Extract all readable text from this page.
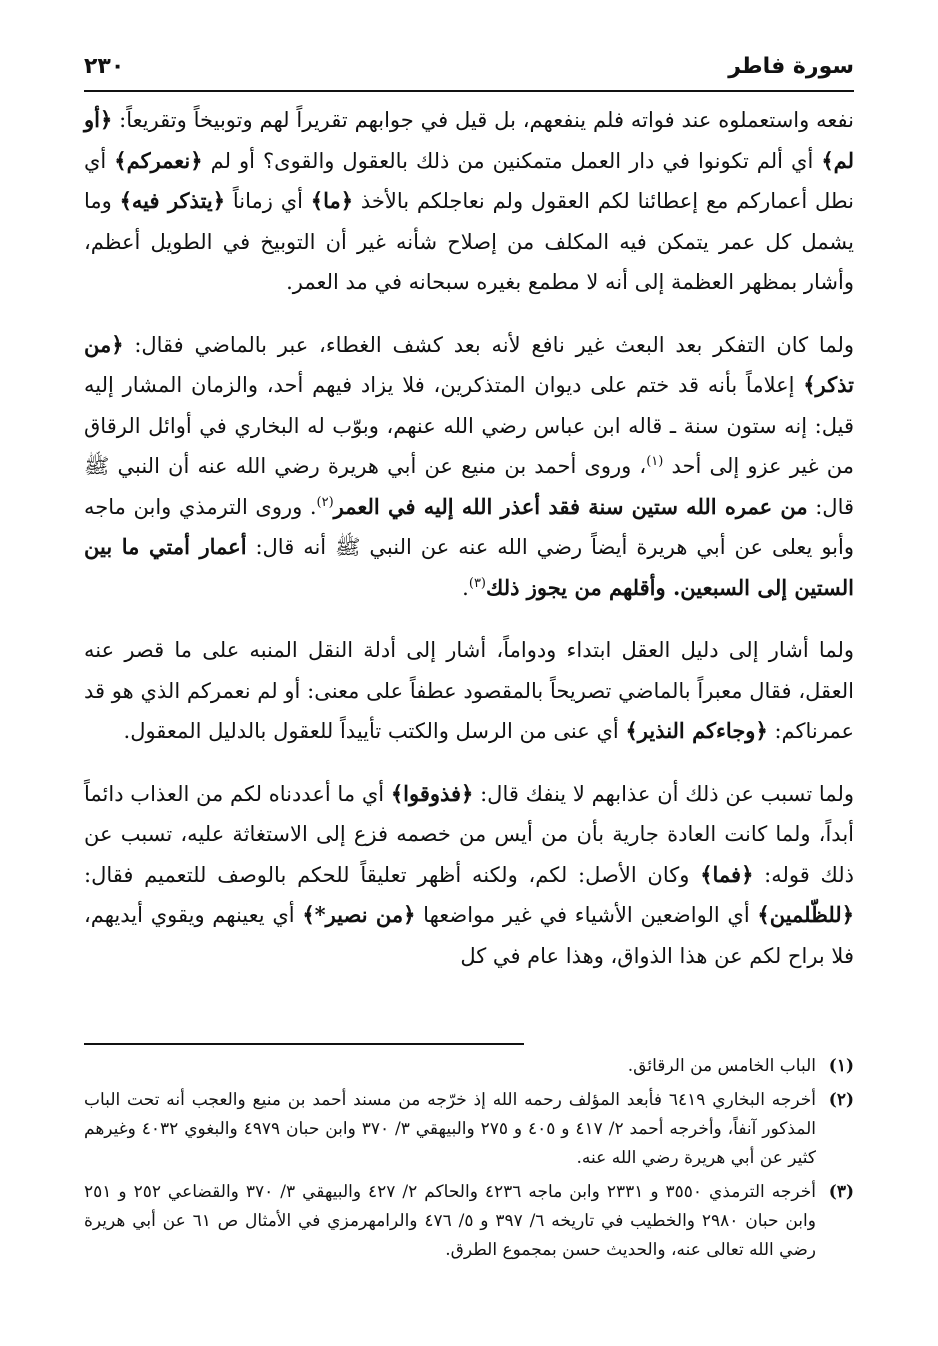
٢٣٠	سورة فاطر

نفعه واستعملوه عند فواته فلم ينفعهم، بل قيل في جوابهم تقريراً لهم وتوبيخاً وتقريعاً: ﴿أو لم﴾ أي ألم تكونوا في دار العمل متمكنين من ذلك بالعقول والقوى؟ أو لم ﴿نعمركم﴾ أي نطل أعماركم مع إعطائنا لكم العقول ولم نعاجلكم بالأخذ ﴿ما﴾ أي زماناً ﴿يتذكر فيه﴾ وما يشمل كل عمر يتمكن فيه المكلف من إصلاح شأنه غير أن التوبيخ في الطويل أعظم، وأشار بمظهر العظمة إلى أنه لا مطمع بغيره سبحانه في مد العمر.

ولما كان التفكر بعد البعث غير نافع لأنه بعد كشف الغطاء، عبر بالماضي فقال: ﴿من تذكر﴾ إعلاماً بأنه قد ختم على ديوان المتذكرين، فلا يزاد فيهم أحد، والزمان المشار إليه قيل: إنه ستون سنة ـ قاله ابن عباس رضي الله عنهم، وبوّب له البخاري في أوائل الرقاق من غير عزو إلى أحد $^{(١)}$، وروى أحمد بن منيع عن أبي هريرة رضي الله عنه أن النبي ﷺ قال: من عمره الله ستين سنة فقد أعذر الله إليه في العمر$^{(٢)}$. وروى الترمذي وابن ماجه وأبو يعلى عن أبي هريرة أيضاً رضي الله عنه عن النبي ﷺ أنه قال: أعمار أمتي ما بين الستين إلى السبعين. وأقلهم من يجوز ذلك$^{(٣)}$.

ولما أشار إلى دليل العقل ابتداء ودواماً، أشار إلى أدلة النقل المنبه على ما قصر عنه العقل، فقال معبراً بالماضي تصريحاً بالمقصود عطفاً على معنى: أو لم نعمركم الذي هو قد عمرناكم: ﴿وجاءكم النذير﴾ أي عنى من الرسل والكتب تأييداً للعقول بالدليل المعقول.

ولما تسبب عن ذلك أن عذابهم لا ينفك قال: ﴿فذوقوا﴾ أي ما أعددناه لكم من العذاب دائماً أبداً، ولما كانت العادة جارية بأن من أيس من خصمه فزع إلى الاستغاثة عليه، تسبب عن ذلك قوله: ﴿فما﴾ وكان الأصل: لكم، ولكنه أظهر تعليقاً للحكم بالوصف للتعميم فقال: ﴿للظّلمين﴾ أي الواضعين الأشياء في غير مواضعها ﴿من نصير*﴾ أي يعينهم ويقوي أيديهم، فلا براح لكم عن هذا الذواق، وهذا عام في كل

(١)
الباب الخامس من الرقائق.
(٢)
أخرجه البخاري ٦٤١٩ فأبعد المؤلف رحمه الله إذ خرّجه من مسند أحمد بن منيع والعجب أنه تحت الباب المذكور آنفاً، وأخرجه أحمد ٢/ ٤١٧ و ٤٠٥ و ٢٧٥ والبيهقي ٣/ ٣٧٠ وابن حبان ٤٩٧٩ والبغوي ٤٠٣٢ وغيرهم كثير عن أبي هريرة رضي الله عنه.
(٣)
أخرجه الترمذي ٣٥٥٠ و ٢٣٣١ وابن ماجه ٤٢٣٦ والحاكم ٢/ ٤٢٧ والبيهقي ٣/ ٣٧٠ والقضاعي ٢٥٢ و ٢٥١ وابن حبان ٢٩٨٠ والخطيب في تاريخه ٦/ ٣٩٧ و ٥/ ٤٧٦ والرامهرمزي في الأمثال ص ٦١ عن أبي هريرة رضي الله تعالى عنه، والحديث حسن بمجموع الطرق.
